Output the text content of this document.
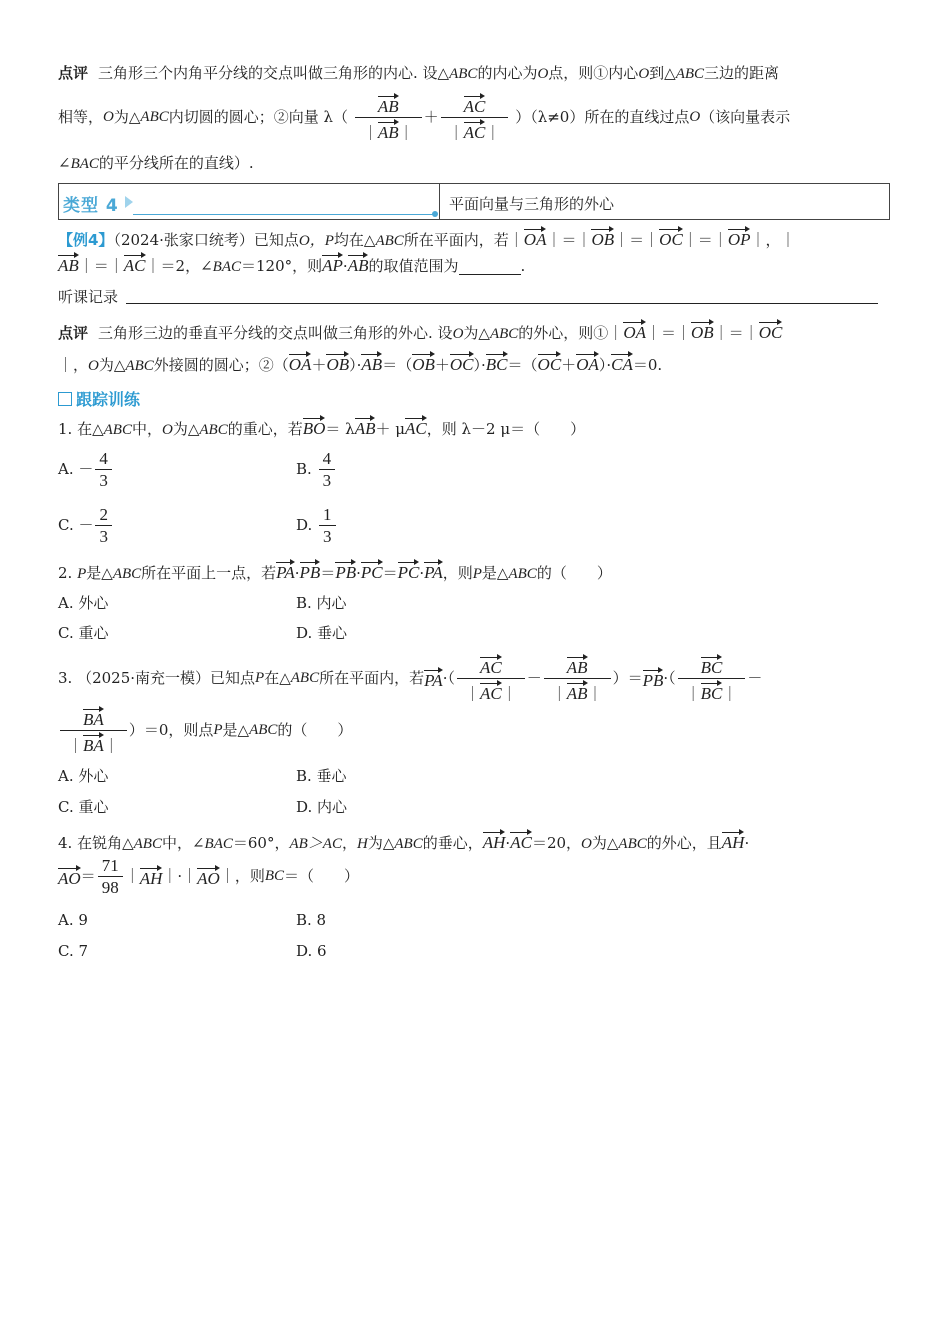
点评 三角形三个内角平分线的交点叫做三角形的内心. 设△ABC的内心为O点，则①内心O到△ABC三边的距离
相等，O为△ABC内切圆的圆心；②向量 $\lambda( \frac{AB}{|AB|} + \frac{AC}{|AC|} )(\lambda\ne 0)$所在的直线过点O（该向量表示
∠BAC的平分线所在的直线）.
类型 4	平面向量与三角形的外心
【例4】（2024·张家口统考）已知点O，P均在△ABC所在平面内，若｜OA｜＝｜OB｜＝｜OC｜＝｜OP｜，｜
AB｜＝｜AC｜＝2，∠BAC＝120°，则AP·AB的取值范围为	.
听课记录
点评 三角形三边的垂直平分线的交点叫做三角形的外心. 设O为△ABC的外心，则①｜OA｜＝｜OB｜＝｜OC
｜，O为△ABC外接圆的圆心；②（OA＋OB）·AB＝（OB＋OC）·BC＝（OC＋OA）·CA＝0.
跟踪训练
1. 在△ABC中，O为△ABC的重心，若BO＝ λAB＋ μAC，则 λ－2 μ＝（　　）
A. － $\frac{4}{3}$	B. $\frac{4}{3}$
C. － $\frac{2}{3}$	D. $\frac{1}{3}$
2. P是△ABC所在平面上一点，若PA·PB＝PB·PC＝PC·PA，则P是△ABC的（　　）
A. 外心	B. 内心
C. 重心	D. 垂心
3. （2025·南充一模）已知点P在△ABC所在平面内，若$PA\cdot( \frac{AC}{|AC|} - \frac{AB}{|AB|} )=PB\cdot( \frac{BC}{|BC|}$ －
$\frac{BA}{|BA|} )=0$，则点P是△ABC的（　　）
A. 外心	B. 垂心
C. 重心	D. 内心
4. 在锐角△ABC中，∠BAC＝60°，AB＞AC，H为△ABC的垂心，AH·AC＝20，O为△ABC的外心，且AH·
$AO= \frac{71}{98}$ ｜AH｜·｜AO｜，则BC＝（　　）
A. 9	B. 8
C. 7	D. 6
